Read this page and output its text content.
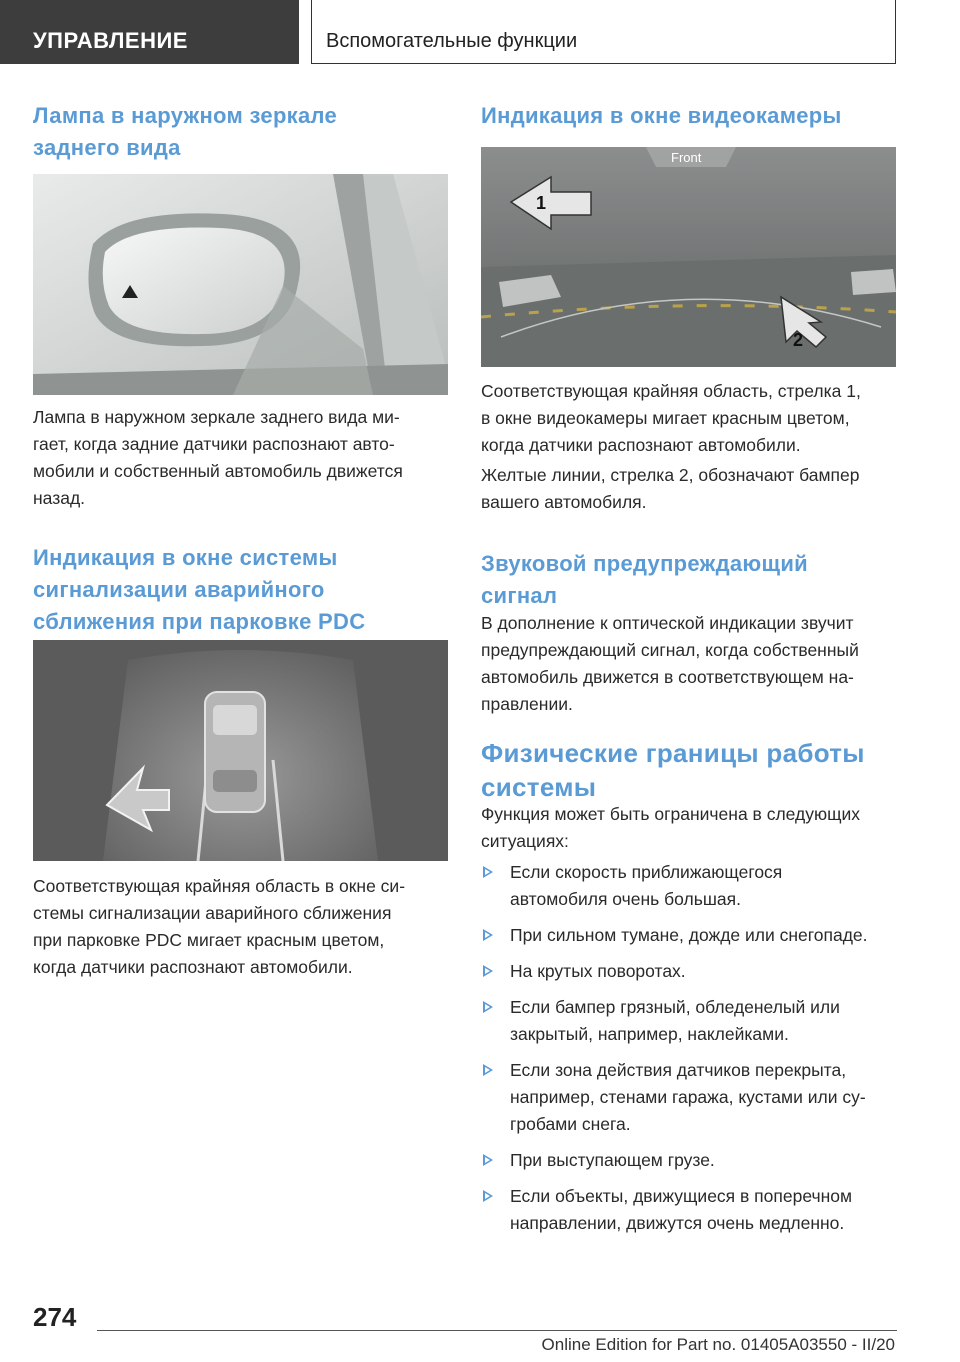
УПРАВЛЕНИЕ	Вспомогательные функции
Лампа в наружном зеркале
заднего вида
Лампа в наружном зеркале заднего вида ми-
гает, когда задние датчики распознают авто-
мобили и собственный автомобиль движется
назад.
Индикация в окне системы
сигнализации аварийного
сближения при парковке PDC
Соответствующая крайняя область в окне си-
стемы сигнализации аварийного сближения
при парковке PDC мигает красным цветом,
когда датчики распознают автомобили.
Индикация в окне видеокамеры
Front
1
2
Соответствующая крайняя область, стрелка 1,
в окне видеокамеры мигает красным цветом,
когда датчики распознают автомобили.
Желтые линии, стрелка 2, обозначают бампер
вашего автомобиля.
Звуковой предупреждающий
сигнал
В дополнение к оптической индикации звучит
предупреждающий сигнал, когда собственный
автомобиль движется в соответствующем на-
правлении.
Физические границы работы
системы
Функция может быть ограничена в следующих
ситуациях:
Если скорость приближающегося
автомобиля очень большая.
При сильном тумане, дожде или снегопаде.
На крутых поворотах.
Если бампер грязный, обледенелый или
закрытый, например, наклейками.
Если зона действия датчиков перекрыта,
например, стенами гаража, кустами или су-
гробами снега.
При выступающем грузе.
Если объекты, движущиеся в поперечном
направлении, движутся очень медленно.
274
Online Edition for Part no. 01405A03550 - II/20
